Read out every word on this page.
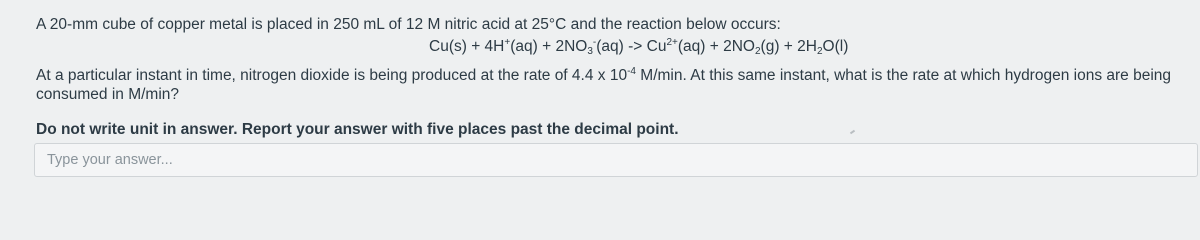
A 20-mm cube of copper metal is placed in 250 mL of 12 M nitric acid at 25°C and the reaction below occurs:
$Cu(s) + 4H^+(aq) + 2NO_3^-(aq) -> Cu^{2+}(aq) + 2NO_2(g) + 2H_2O(l)$
At a particular instant in time, nitrogen dioxide is being produced at the rate of 4.4 x $10^{-4}$ M/min. At this same instant, what is the rate at which hydrogen ions are being
consumed in M/min?
Do not write unit in answer. Report your answer with five places past the decimal point.
Type your answer...
